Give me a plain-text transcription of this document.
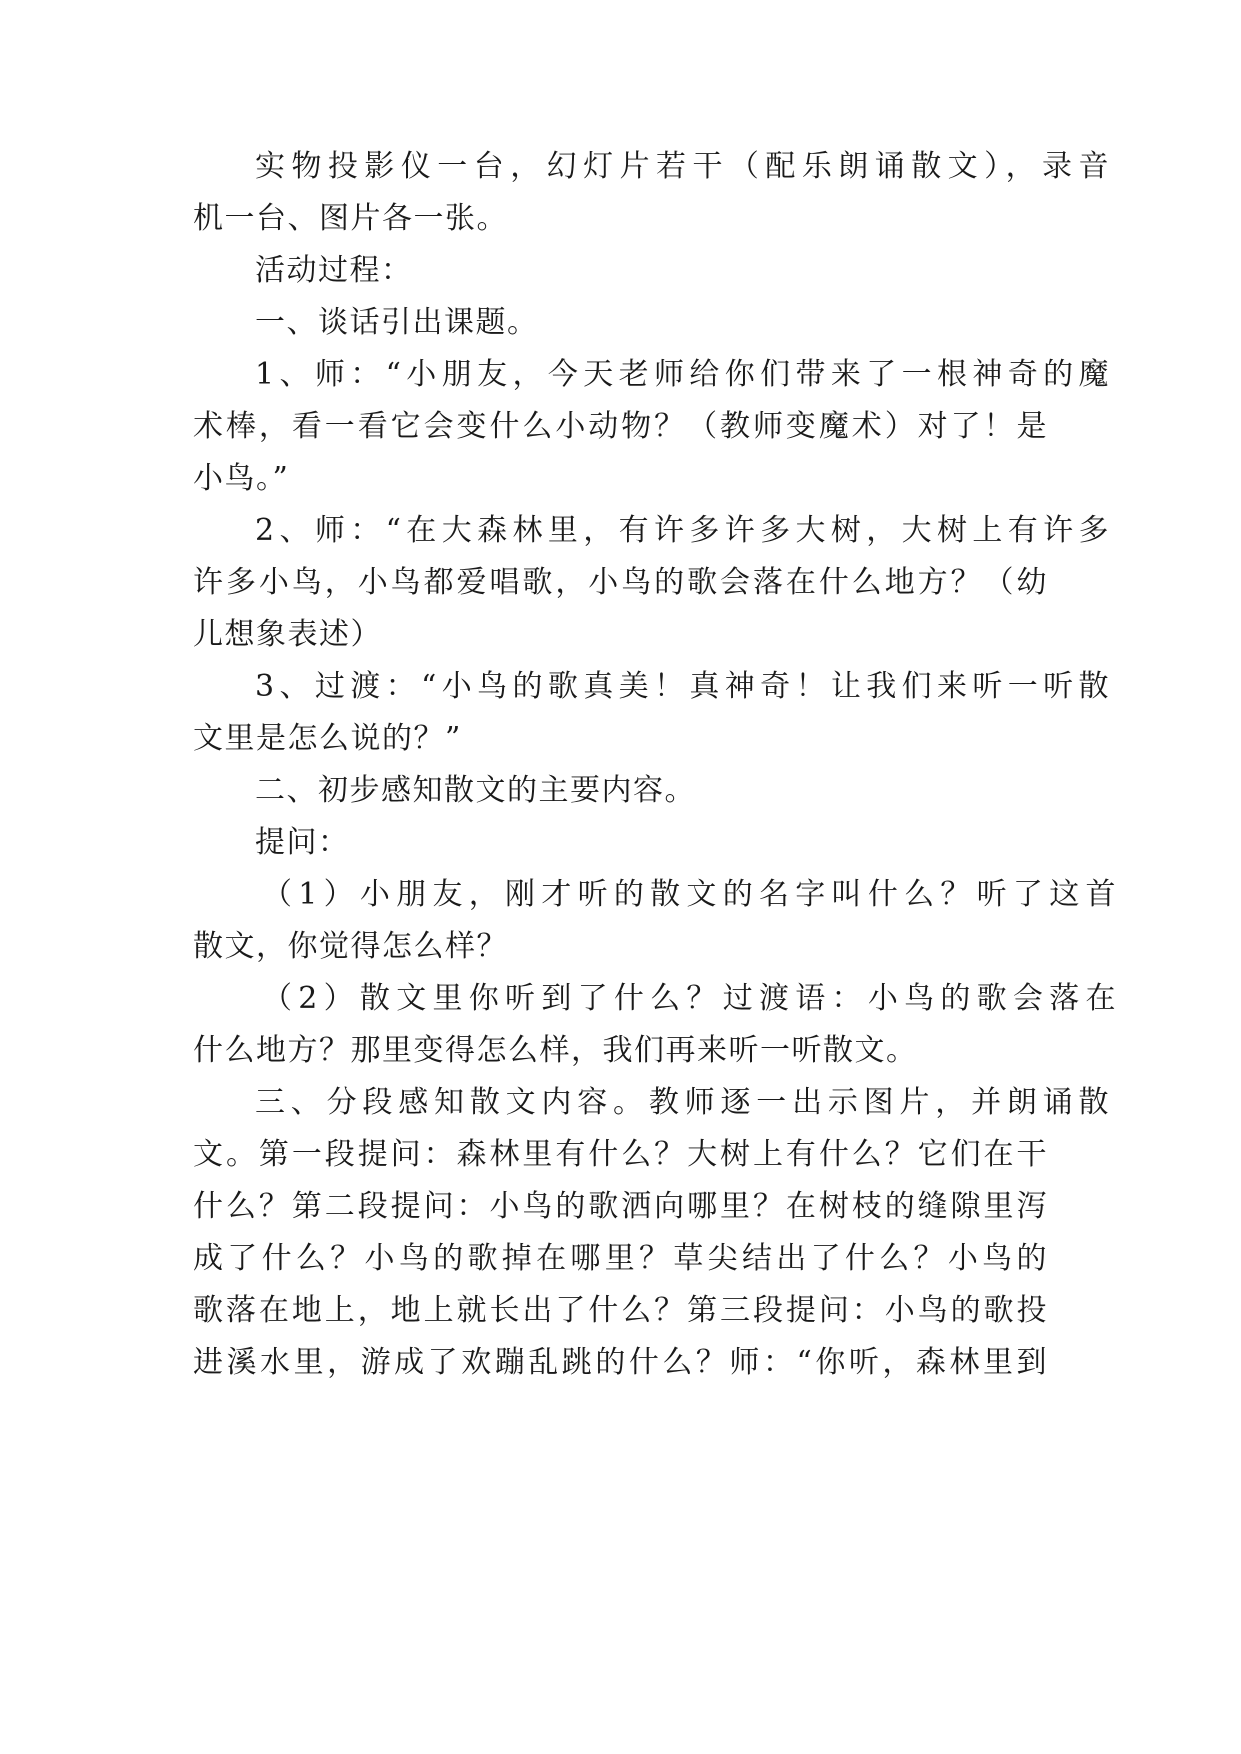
实物投影仪一台，幻灯片若干（配乐朗诵散文），录音
机一台、图片各一张。
活动过程：
一、谈话引出课题。
1、师：“小朋友，今天老师给你们带来了一根神奇的魔
术棒，看一看它会变什么小动物？（教师变魔术）对了！是
小鸟。”
2、师：“在大森林里，有许多许多大树，大树上有许多
许多小鸟，小鸟都爱唱歌，小鸟的歌会落在什么地方？（幼
儿想象表述）
3、过渡：“小鸟的歌真美！真神奇！让我们来听一听散
文里是怎么说的？”
二、初步感知散文的主要内容。
提问：
（1）小朋友，刚才听的散文的名字叫什么？听了这首
散文，你觉得怎么样？
（2）散文里你听到了什么？过渡语：小鸟的歌会落在
什么地方？那里变得怎么样，我们再来听一听散文。
三、分段感知散文内容。教师逐一出示图片，并朗诵散
文。第一段提问：森林里有什么？大树上有什么？它们在干
什么？第二段提问：小鸟的歌洒向哪里？在树枝的缝隙里泻
成了什么？小鸟的歌掉在哪里？草尖结出了什么？小鸟的
歌落在地上，地上就长出了什么？第三段提问：小鸟的歌投
进溪水里，游成了欢蹦乱跳的什么？师：“你听，森林里到
